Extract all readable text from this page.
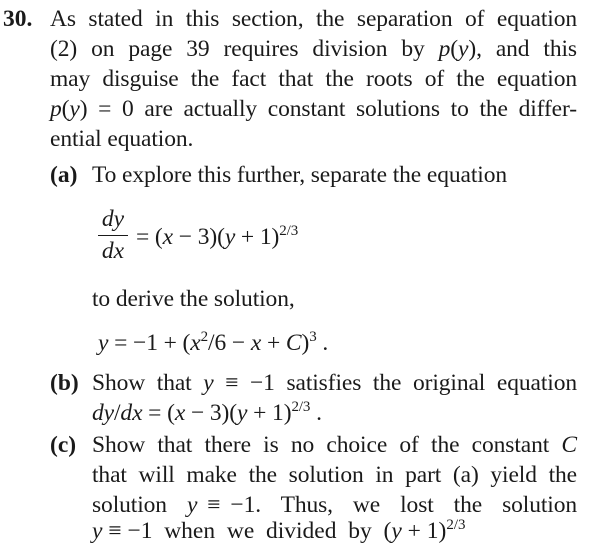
30. As stated in this section, the separation of equation
(2) on page 39 requires division by p(y), and this
may disguise the fact that the roots of the equation
p(y) = 0 are actually constant solutions to the differ-
ential equation.
(a) To explore this further, separate the equation
dy
dx
= $(x - 3)(y + 1)^{2/3}$
to derive the solution,
$y = -1 + (x^2/6 - x + C)^3$ .
(b) Show that y ≡ −1 satisfies the original equation
$dy/dx = (x - 3)(y + 1)^{2/3}$ .
(c) Show that there is no choice of the constant C
that will make the solution in part (a) yield the
solution  y ≡ −1.  Thus,  we  lost  the  solution
y ≡ −1  when  we  divided  by  $(y + 1)^{2/3}$
